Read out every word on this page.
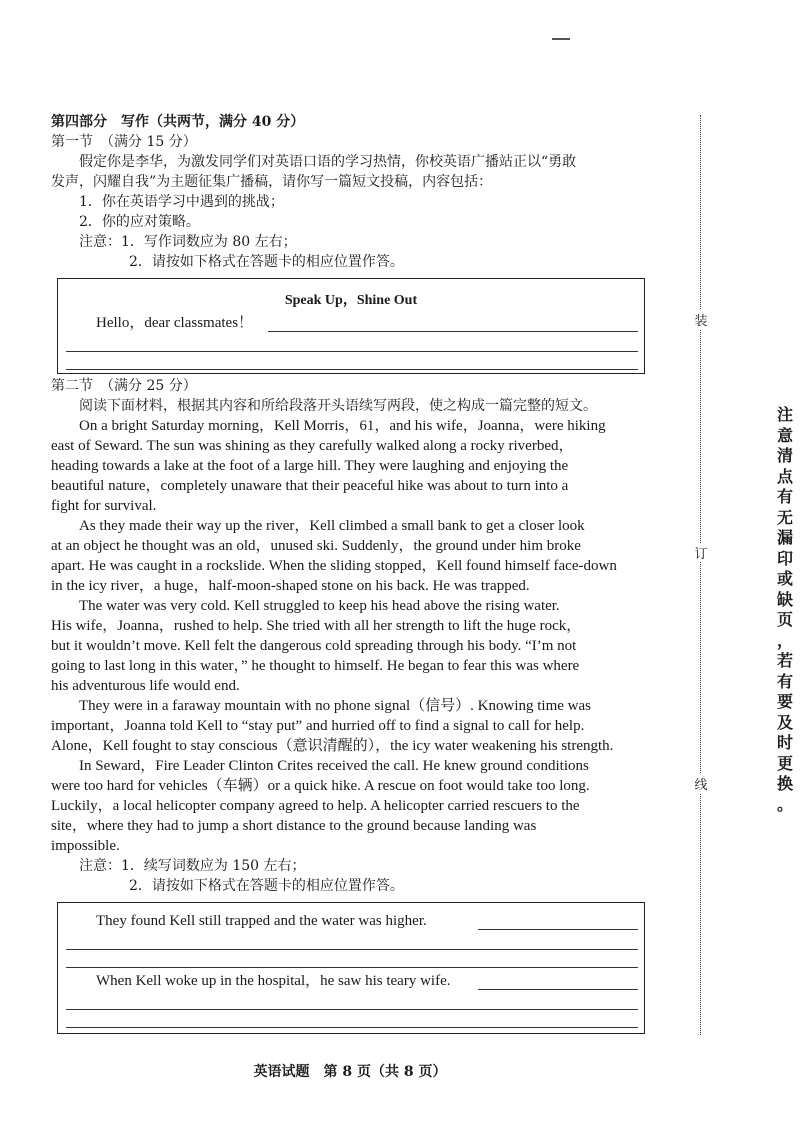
第四部分　写作（共两节，满分 40 分）
第一节　（满分 15 分）
假定你是李华，为激发同学们对英语口语的学习热情，你校英语广播站正以“勇敢
发声，闪耀自我”为主题征集广播稿，请你写一篇短文投稿，内容包括：
1．你在英语学习中遇到的挑战；
2．你的应对策略。
注意：1．写作词数应为 80 左右；
2．请按如下格式在答题卡的相应位置作答。
Speak Up，Shine Out
Hello，dear classmates！
第二节　（满分 25 分）
阅读下面材料，根据其内容和所给段落开头语续写两段，使之构成一篇完整的短文。

On a bright Saturday morning，Kell Morris，61，and his wife，Joanna，were hiking
east of Seward. The sun was shining as they carefully walked along a rocky riverbed，
heading towards a lake at the foot of a large hill. They were laughing and enjoying the
beautiful nature，completely unaware that their peaceful hike was about to turn into a
fight for survival.

As they made their way up the river，Kell climbed a small bank to get a closer look
at an object he thought was an old，unused ski. Suddenly，the ground under him broke
apart. He was caught in a rockslide. When the sliding stopped，Kell found himself face-down
in the icy river，a huge，half-moon-shaped stone on his back. He was trapped.

The water was very cold. Kell struggled to keep his head above the rising water.
His wife，Joanna，rushed to help. She tried with all her strength to lift the huge rock，
but it wouldn’t move. Kell felt the dangerous cold spreading through his body. “I’m not
going to last long in this water，” he thought to himself. He began to fear this was where
his adventurous life would end.

They were in a faraway mountain with no phone signal（信号）. Knowing time was
important，Joanna told Kell to “stay put” and hurried off to find a signal to call for help.
Alone，Kell fought to stay conscious（意识清醒的），the icy water weakening his strength.

In Seward，Fire Leader Clinton Crites received the call. He knew ground conditions
were too hard for vehicles（车辆）or a quick hike. A rescue on foot would take too long.
Luckily，a local helicopter company agreed to help. A helicopter carried rescuers to the
site，where they had to jump a short distance to the ground because landing was
impossible.

注意：1．续写词数应为 150 左右；
2．请按如下格式在答题卡的相应位置作答。
They found Kell still trapped and the water was higher.
When Kell woke up in the hospital，he saw his teary wife.
装
订
线
注
意
清
点
有
无
漏
印
或
缺
页
，
若
有
要
及
时
更
换
。
英语试题　第 8 页（共 8 页）
